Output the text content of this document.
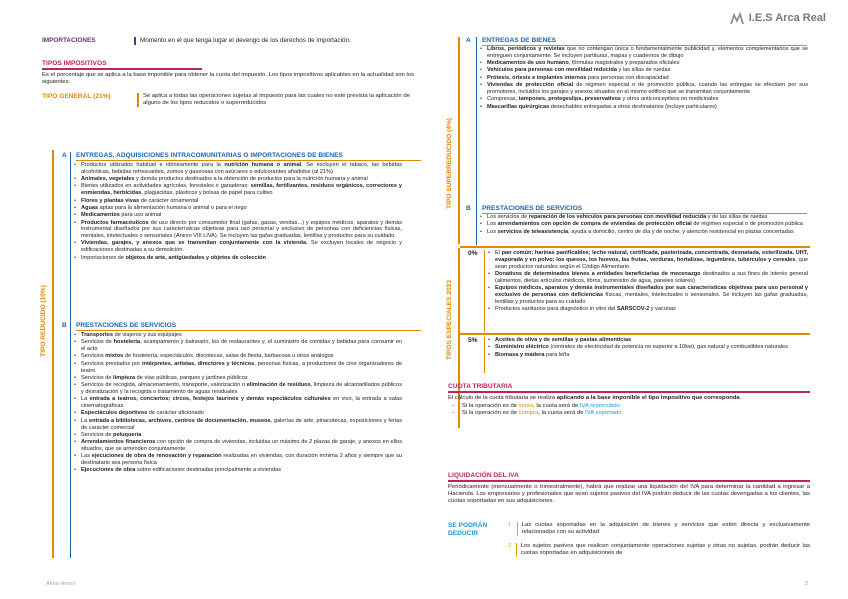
I.E.S Arca Real
IMPORTACIONES	Momento en el que tenga lugar el devengo de los derechos de importación.
TIPOS IMPOSITIVOS
Es el porcentaje que se aplica a la base imponible para obtener la cuota del impuesto. Los tipos impositivos aplicables en la actualidad son los siguientes:
TIPO GENERAL (21%)	Se aplica a todas las operaciones sujetas al impuesto para las cuales no esté prevista la aplicación de alguno de los tipos reducidos o superreducidos
TIPO REDUCIDO (10%)
A ENTREGAS, ADQUISICIONES INTRACOMUNITARIAS O IMPORTACIONES DE BIENES
• Productos utilizados habitual e idóneamente para la nutrición humana o animal. Se excluyen el tabaco, las bebidas alcohólicas, bebidas refrescantes, zumos y gaseosas con azúcares o edulcorantes añadidos (al 21%)
• Animales, vegetales y demás productos destinados a la obtención de productos para la nutrición humana y animal
• Bienes utilizados en actividades agrícolas, forestales o ganaderas: semillas, fertilizantes, residuos orgánicos, correctores y enmiendas, herbicidas, plaguicidas, plásticos y bolsas de papel para cultivo
• Flores y plantas vivas de carácter ornamental
• Aguas aptas para la alimentación humana o animal o para el riego
• Medicamentos para uso animal
• Productos farmacéuticos de uso directo por consumidor final (gafas, gasas, vendas...) y equipos médicos, aparatos y demás instrumental diseñados por sus características objetivas para uso personal y exclusivo de personas con deficiencias físicas, mentales, intelectuales o sensoriales (Anexo VIII LIVA). Se incluyen las gafas graduadas, lentillas y productos para su cuidado
• Viviendas, garajes, y anexos que se transmitan conjuntamente con la vivienda. Se excluyen locales de negocio y edificaciones destinadas a su demolición.
• Importaciones de objetos de arte, antigüedades y objetos de colección
B PRESTACIONES DE SERVICIOS
• Transportes de viajeros y sus equipajes
• Servicios de hostelería, acampamento y balneario, los de restaurantes y, el suministro de comidas y bebidas para consumir en el acto
• Servicios mixtos de hostelería, espectáculos, discotecas, salas de fiesta, barbacoas u otros análogos
• Servicios prestados por intérpretes, artistas, directores y técnicos, personas físicas, a productores de cine organizadores de teatro
• Servicios de limpieza de vías públicas, parques y jardines públicos
• Servicios de recogida, almacenamiento, transporte, valorización o eliminación de residuos, limpieza de alcantarillados públicos y desratización y la recogida o tratamiento de aguas residuales
• La entrada a teatros, conciertos; circos, festejos taurinos y demás espectáculos culturales en vivo, la entrada a salas cinematográficas
• Espectáculos deportivos de carácter aficionado
• La entrada a bibliotecas, archivos, centros de documentación, museos, galerías de arte, pinacotecas, exposiciones y ferias de carácter comercial
• Servicios de peluquería
• Arrendamientos financieros con opción de compra de viviendas, incluidas un máximo de 2 plazas de garaje, y anexos en ellos situados, que se arrienden conjuntamente
• Las ejecuciones de obra de renovación y reparación realizadas en viviendas, con duración mínima 2 años y siempre que su destinatario sea persona física
• Ejecuciones de obra sobre edificaciones destinadas principalmente a viviendas
TIPO SUPERREDUCIDO (4%)
A ENTREGAS DE BIENES
• Libros, periódicos y revistas que no contengan única o fundamentalmente publicidad y, elementos complementarios que se entreguen conjuntamente. Se incluyen partituras, mapas y cuadernos de dibujo
• Medicamentos de uso humano, fórmulas magistrales y preparados oficiales
• Vehículos para personas con movilidad reducida y las sillas de ruedas
• Prótesis, órtesis e implantes internos para personas con discapacidad
• Viviendas de protección oficial de régimen especial o de promoción pública, cuando las entregas se efectúen por sus promotores, incluidos los garajes y anexos situados en el mismo edificio que se transmitan conjuntamente
• Compresas, tampones, protegeslips, preservativos y otros anticonceptivos no medicinales
• Mascarillas quirúrgicas desechables entregadas a otros destinatarios (incluye particulares)
B PRESTACIONES DE SERVICIOS
• Los servicios de reparación de los vehículos para personas con movilidad reducida y de las sillas de ruedas
• Los arrendamientos con opción de compra de viviendas de protección oficial de régimen especial o de promoción pública
• Los servicios de teleasistencia, ayuda a domicilio, centro de día y de noche, y atención residencial en plazas concertadas
TIPOS ESPECIALES 2023
0%	• El pan común; harinas panificables; leche natural, certificada, pasterizada, concentrada, desnatada, esterilizada, UHT, evaporada y en polvo; los quesos, los huevos, las frutas, verduras, hortalizas, legumbres, tubérculos y cereales, que sean productos naturales según el Código Alimentario
• Donativos de determinados bienes a entidades beneficiarias de mecenazgo destinados a sus fines de interés general (alimentos, dietas artículos médicos, libros, suministro de agua, paneles solares)
• Equipos médicos, aparatos y demás instrumentales diseñados por sus características objetivas para uso personal y exclusivo de personas con deficiencias físicas, mentales, intelectuales o sensoriales. Se incluyen las gafas graduadas, lentillas y productos para su cuidado
• Productos sanitarios para diagnóstico in vitro del SARSCOV-2 y vacunas
5%	• Aceites de oliva y de semillas y pastas alimenticias
• Suministro eléctrico (contratos de electricidad de potencia no superior a 10kw), gas natural y combustibles naturales
• Biomasa y madera para leña
CUOTA TRIBUTARIA
El cálculo de la cuota tributaria se realiza aplicando a la base imponible el tipo impositivo que corresponda.
- Si la operación es de venta, la cuota será de IVA repercutido
- Si la operación es de compra, la cuota será de IVA soportado
LIQUIDACIÓN DEL IVA
Periódicamente (mensualmente o trimestralmente), habrá que realizar una liquidación del IVA para determinar la cantidad a ingresar a Hacienda. Los empresarios y profesionales que sean sujetos pasivos del IVA podrán deducir de las cuotas devengadas a los clientes, las cuotas soportadas en sus adquisiciones.
SE PODRÁN DEDUCIR
1	Las cuotas soportadas en la adquisición de bienes y servicios que estén directa y exclusivamente relacionados con su actividad
2	Los sujetos pasivos que realicen conjuntamente operaciones sujetas y otras no sujetas, podrán deducir las cuotas soportadas en adquisiciones de
Alma Heros	2
